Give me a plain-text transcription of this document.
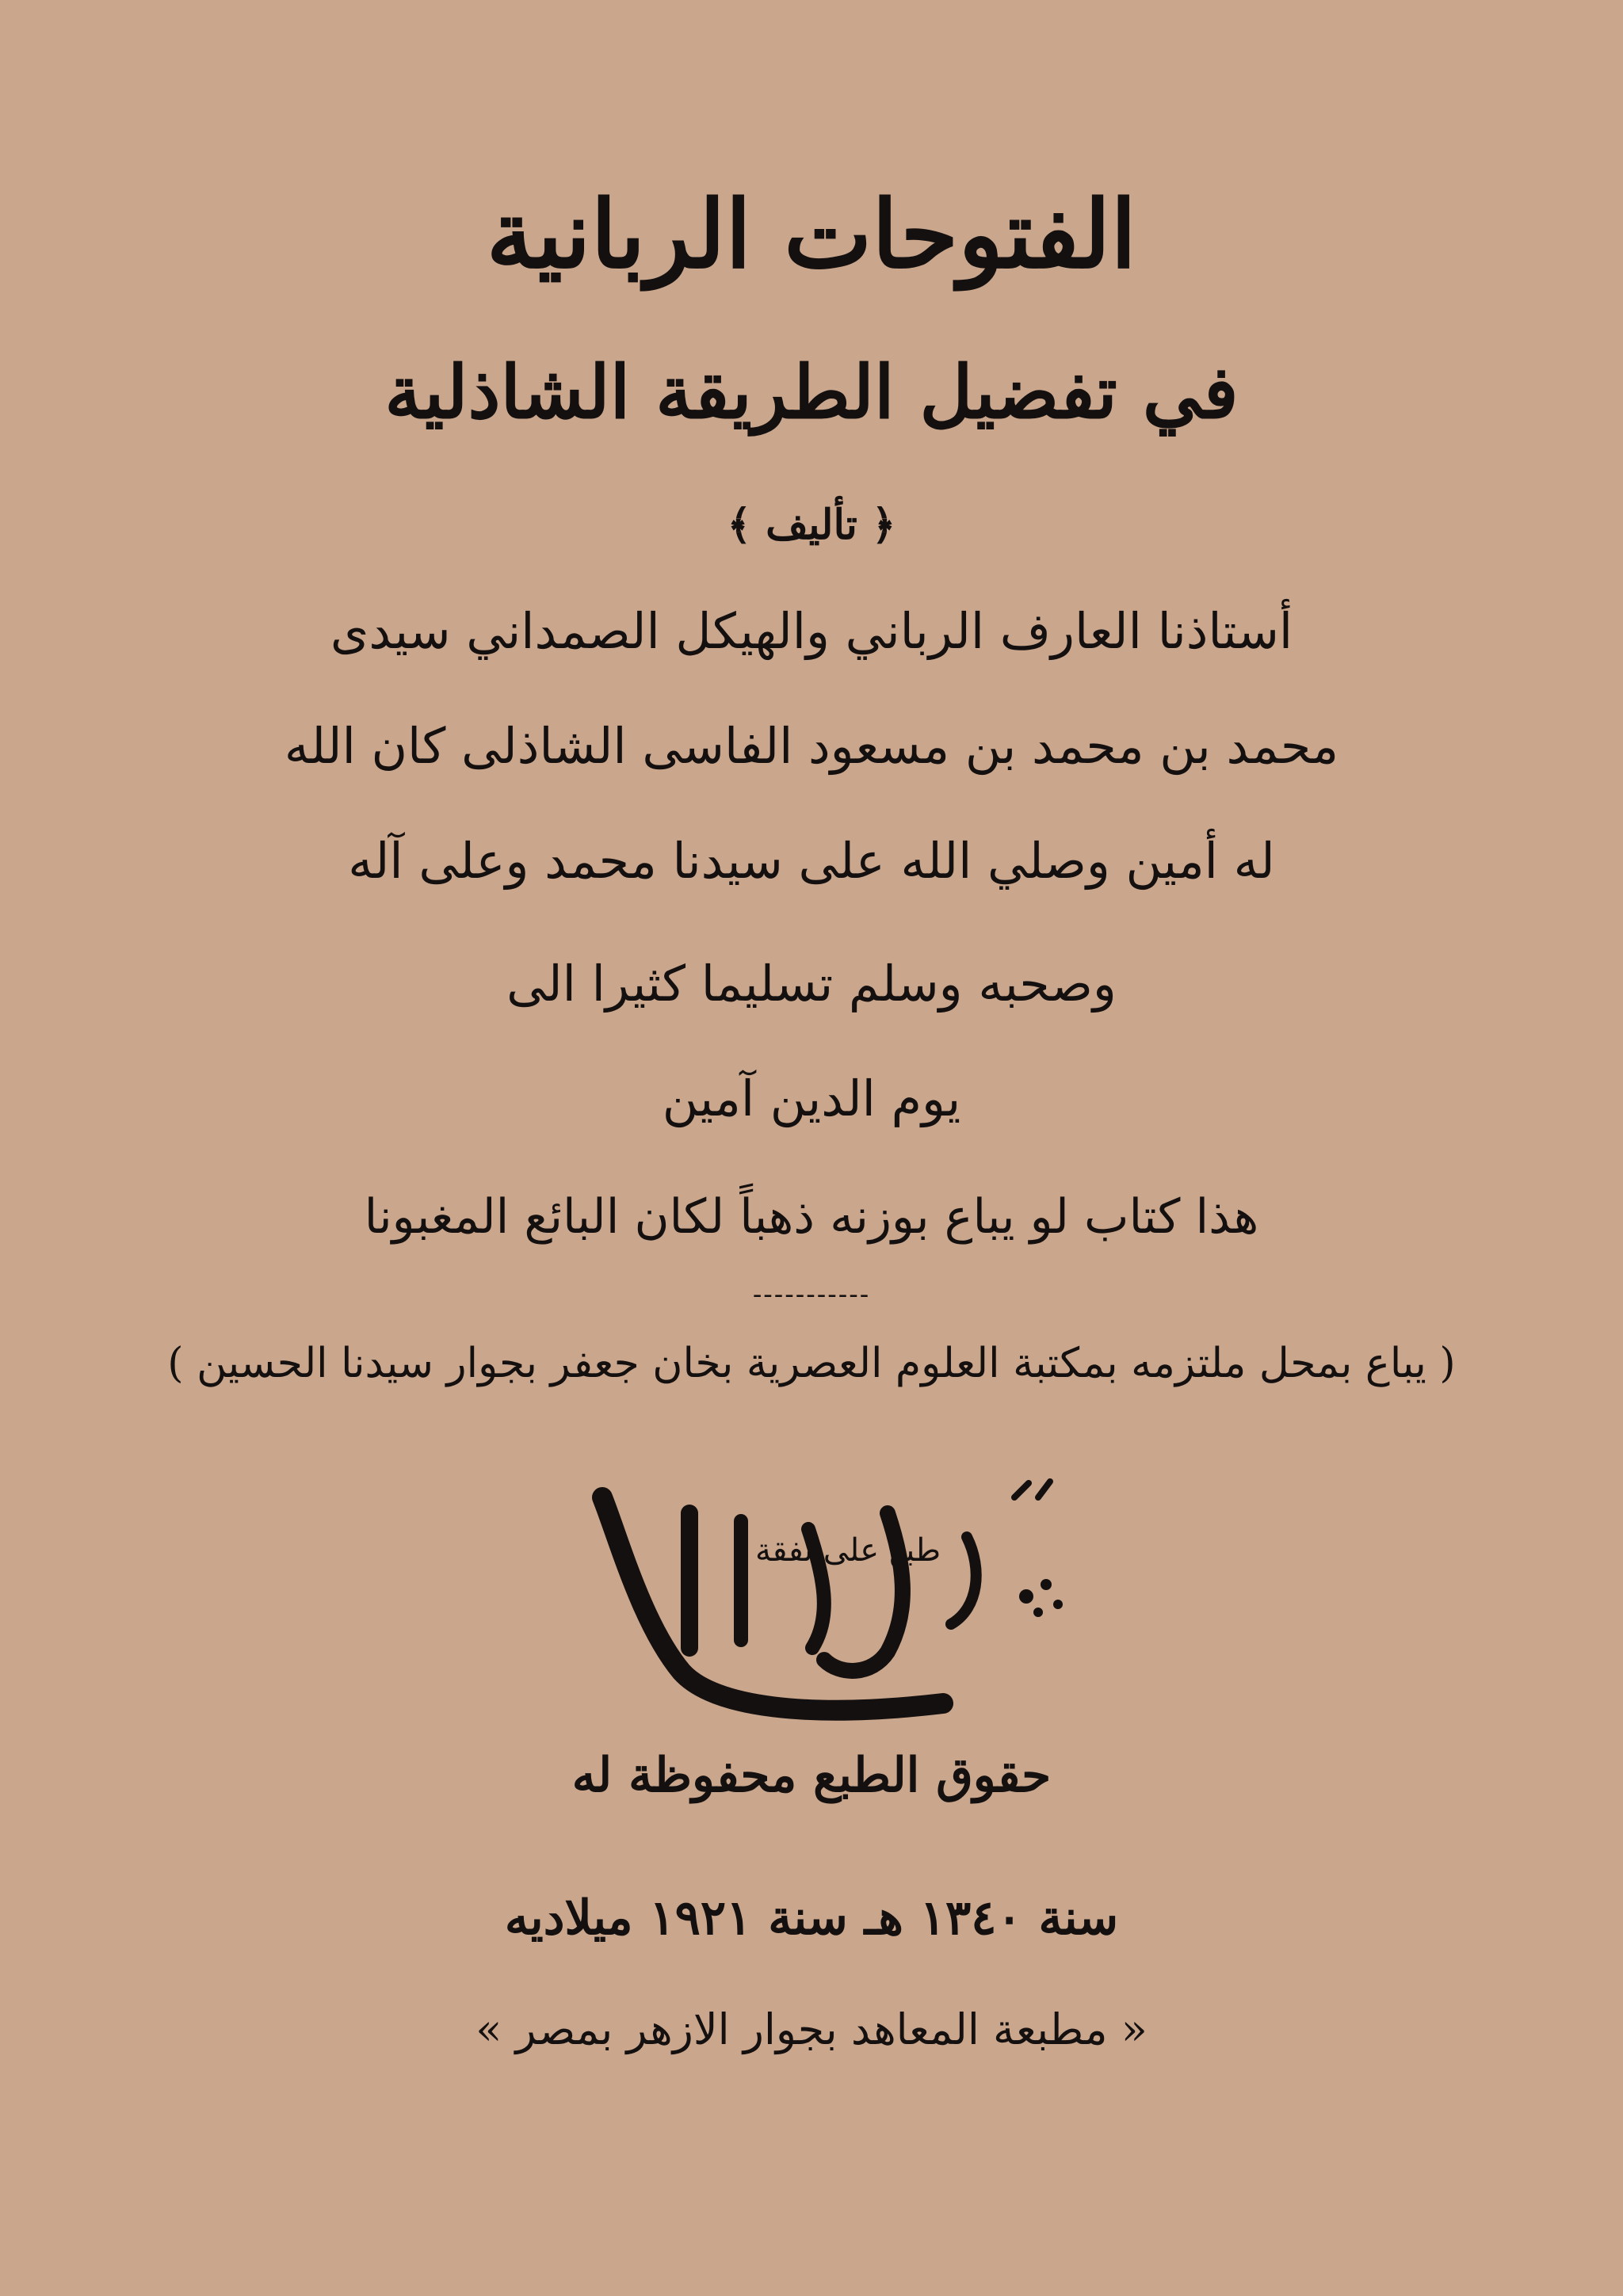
الفتوحات الربانية
في تفضيل الطريقة الشاذلية
﴿ تأليف ﴾
أستاذنا العارف الرباني والهيكل الصمداني سيدى
محمد بن محمد بن مسعود الفاسى الشاذلى كان الله
له أمين وصلي الله على سيدنا محمد وعلى آله
وصحبه وسلم تسليما كثيرا الى
يوم الدين آمين
هذا كتاب لو يباع بوزنه ذهباً لكان البائع المغبونا
-----------
( يباع بمحل ملتزمه بمكتبة العلوم العصرية بخان جعفر بجوار سيدنا الحسين )
طبع على نفقة
الهلال
حقوق الطبع محفوظة له
سنة ١٣٤٠ هـ سنة ١٩٢١ ميلاديه
« مطبعة المعاهد بجوار الازهر بمصر »
